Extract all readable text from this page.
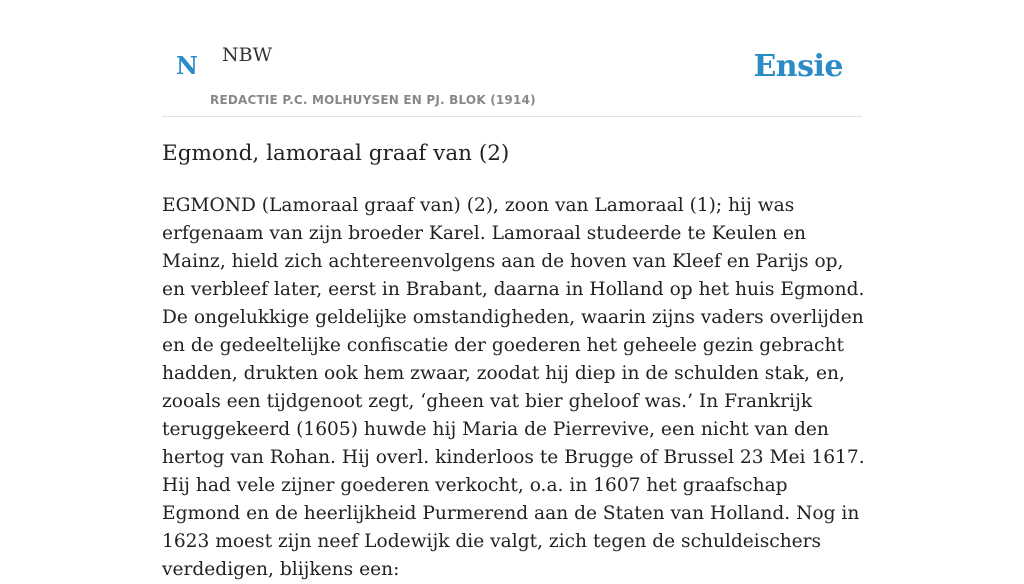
N NBW
REDACTIE P.C. MOLHUYSEN EN PJ. BLOK (1914)
Ensie
Egmond, lamoraal graaf van (2)

EGMOND (Lamoraal graaf van) (2), zoon van Lamoraal (1); hij was erfgenaam van zijn broeder Karel. Lamoraal studeerde te Keulen en Mainz, hield zich achtereenvolgens aan de hoven van Kleef en Parijs op, en verbleef later, eerst in Brabant, daarna in Holland op het huis Egmond. De ongelukkige geldelijke omstandigheden, waarin zijns vaders overlijden en de gedeeltelijke confiscatie der goederen het geheele gezin gebracht hadden, drukten ook hem zwaar, zoodat hij diep in de schulden stak, en, zooals een tijdgenoot zegt, ‘gheen vat bier gheloof was.’ In Frankrijk teruggekeerd (1605) huwde hij Maria de Pierrevive, een nicht van den hertog van Rohan. Hij overl. kinderloos te Brugge of Brussel 23 Mei 1617. Hij had vele zijner goederen verkocht, o.a. in 1607 het graafschap Egmond en de heerlijkheid Purmerend aan de Staten van Holland. Nog in 1623 moest zijn neef Lodewijk die valgt, zich tegen de schuldeischers verdedigen, blijkens een:
